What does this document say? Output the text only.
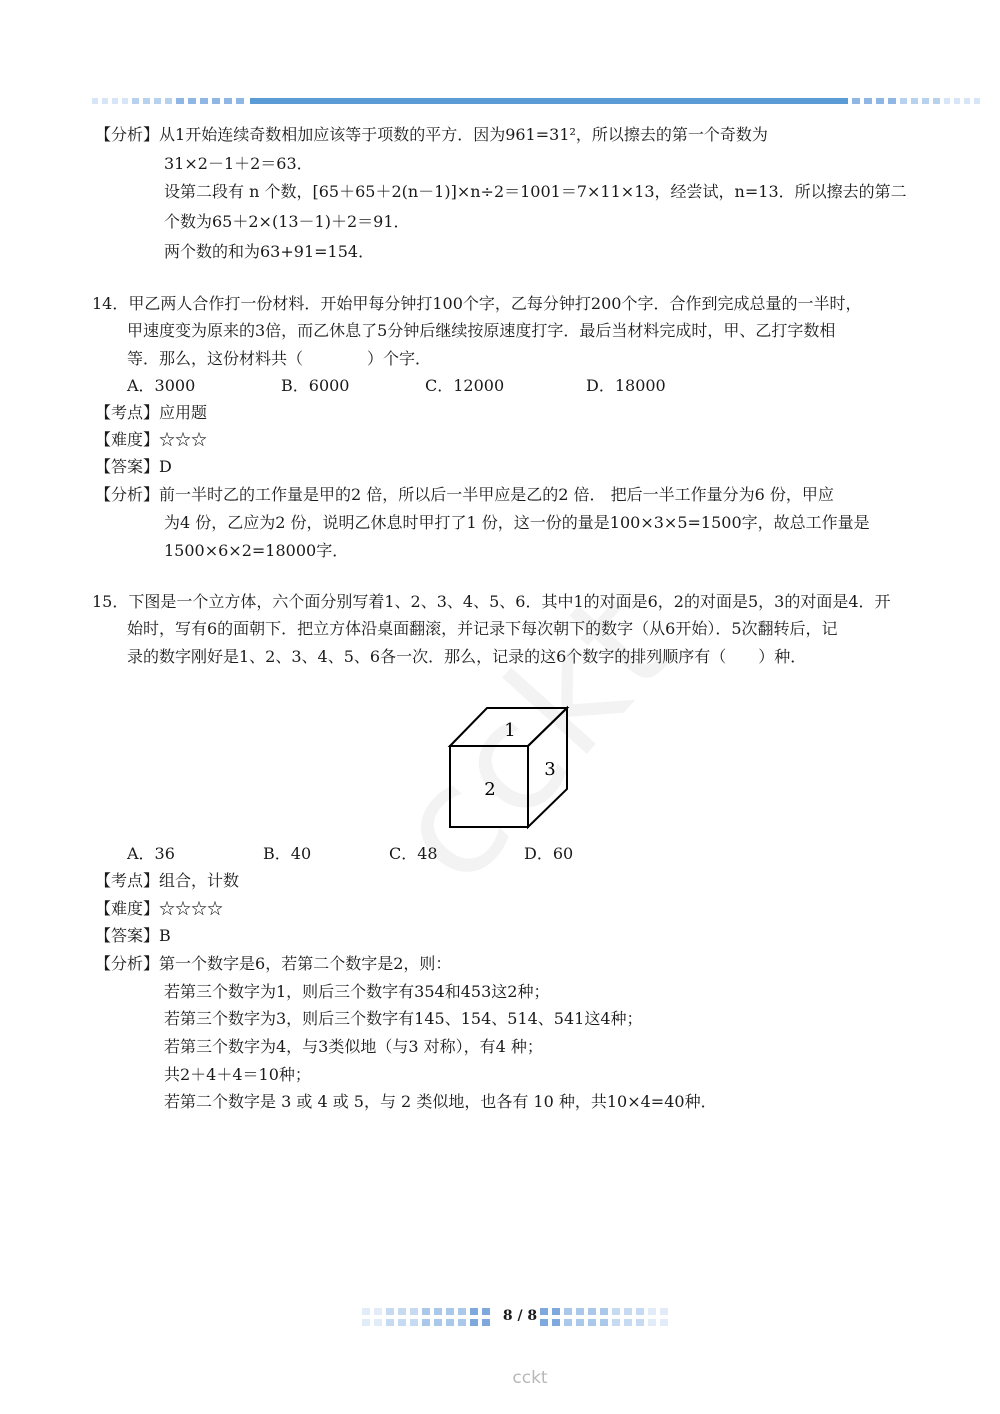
【分析】从1开始连续奇数相加应该等于项数的平方．因为961=31²，所以擦去的第一个奇数为
31×2－1＋2＝63．
设第二段有 n 个数，[65＋65＋2(n－1)]×n÷2＝1001＝7×11×13，经尝试，n=13．所以擦去的第二
个数为65＋2×(13－1)＋2＝91．
两个数的和为63+91=154．
14．甲乙两人合作打一份材料．开始甲每分钟打100个字，乙每分钟打200个字．合作到完成总量的一半时，
甲速度变为原来的3倍，而乙休息了5分钟后继续按原速度打字．最后当材料完成时，甲、乙打字数相
等．那么，这份材料共（　　　　）个字．
A．3000	B．6000	C．12000	D．18000
【考点】应用题
【难度】☆☆☆
【答案】D
【分析】前一半时乙的工作量是甲的2 倍，所以后一半甲应是乙的2 倍． 把后一半工作量分为6 份，甲应
为4 份，乙应为2 份，说明乙休息时甲打了1 份，这一份的量是100×3×5=1500字，故总工作量是
1500×6×2=18000字．
15．下图是一个立方体，六个面分别写着1、2、3、4、5、6．其中1的对面是6，2的对面是5，3的对面是4．开
始时，写有6的面朝下．把立方体沿桌面翻滚，并记录下每次朝下的数字（从6开始）．5次翻转后，记
录的数字刚好是1、2、3、4、5、6各一次．那么，记录的这6个数字的排列顺序有（　　）种．
1
2
3
A．36	B．40	C．48	D．60
【考点】组合，计数
【难度】☆☆☆☆
【答案】B
【分析】第一个数字是6，若第二个数字是2，则：
若第三个数字为1，则后三个数字有354和453这2种；
若第三个数字为3，则后三个数字有145、154、514、541这4种；
若第三个数字为4，与3类似地（与3 对称），有4 种；
共2＋4＋4＝10种；
若第二个数字是 3 或 4 或 5，与 2 类似地，也各有 10 种，共10×4=40种．
8 / 8
cckt
